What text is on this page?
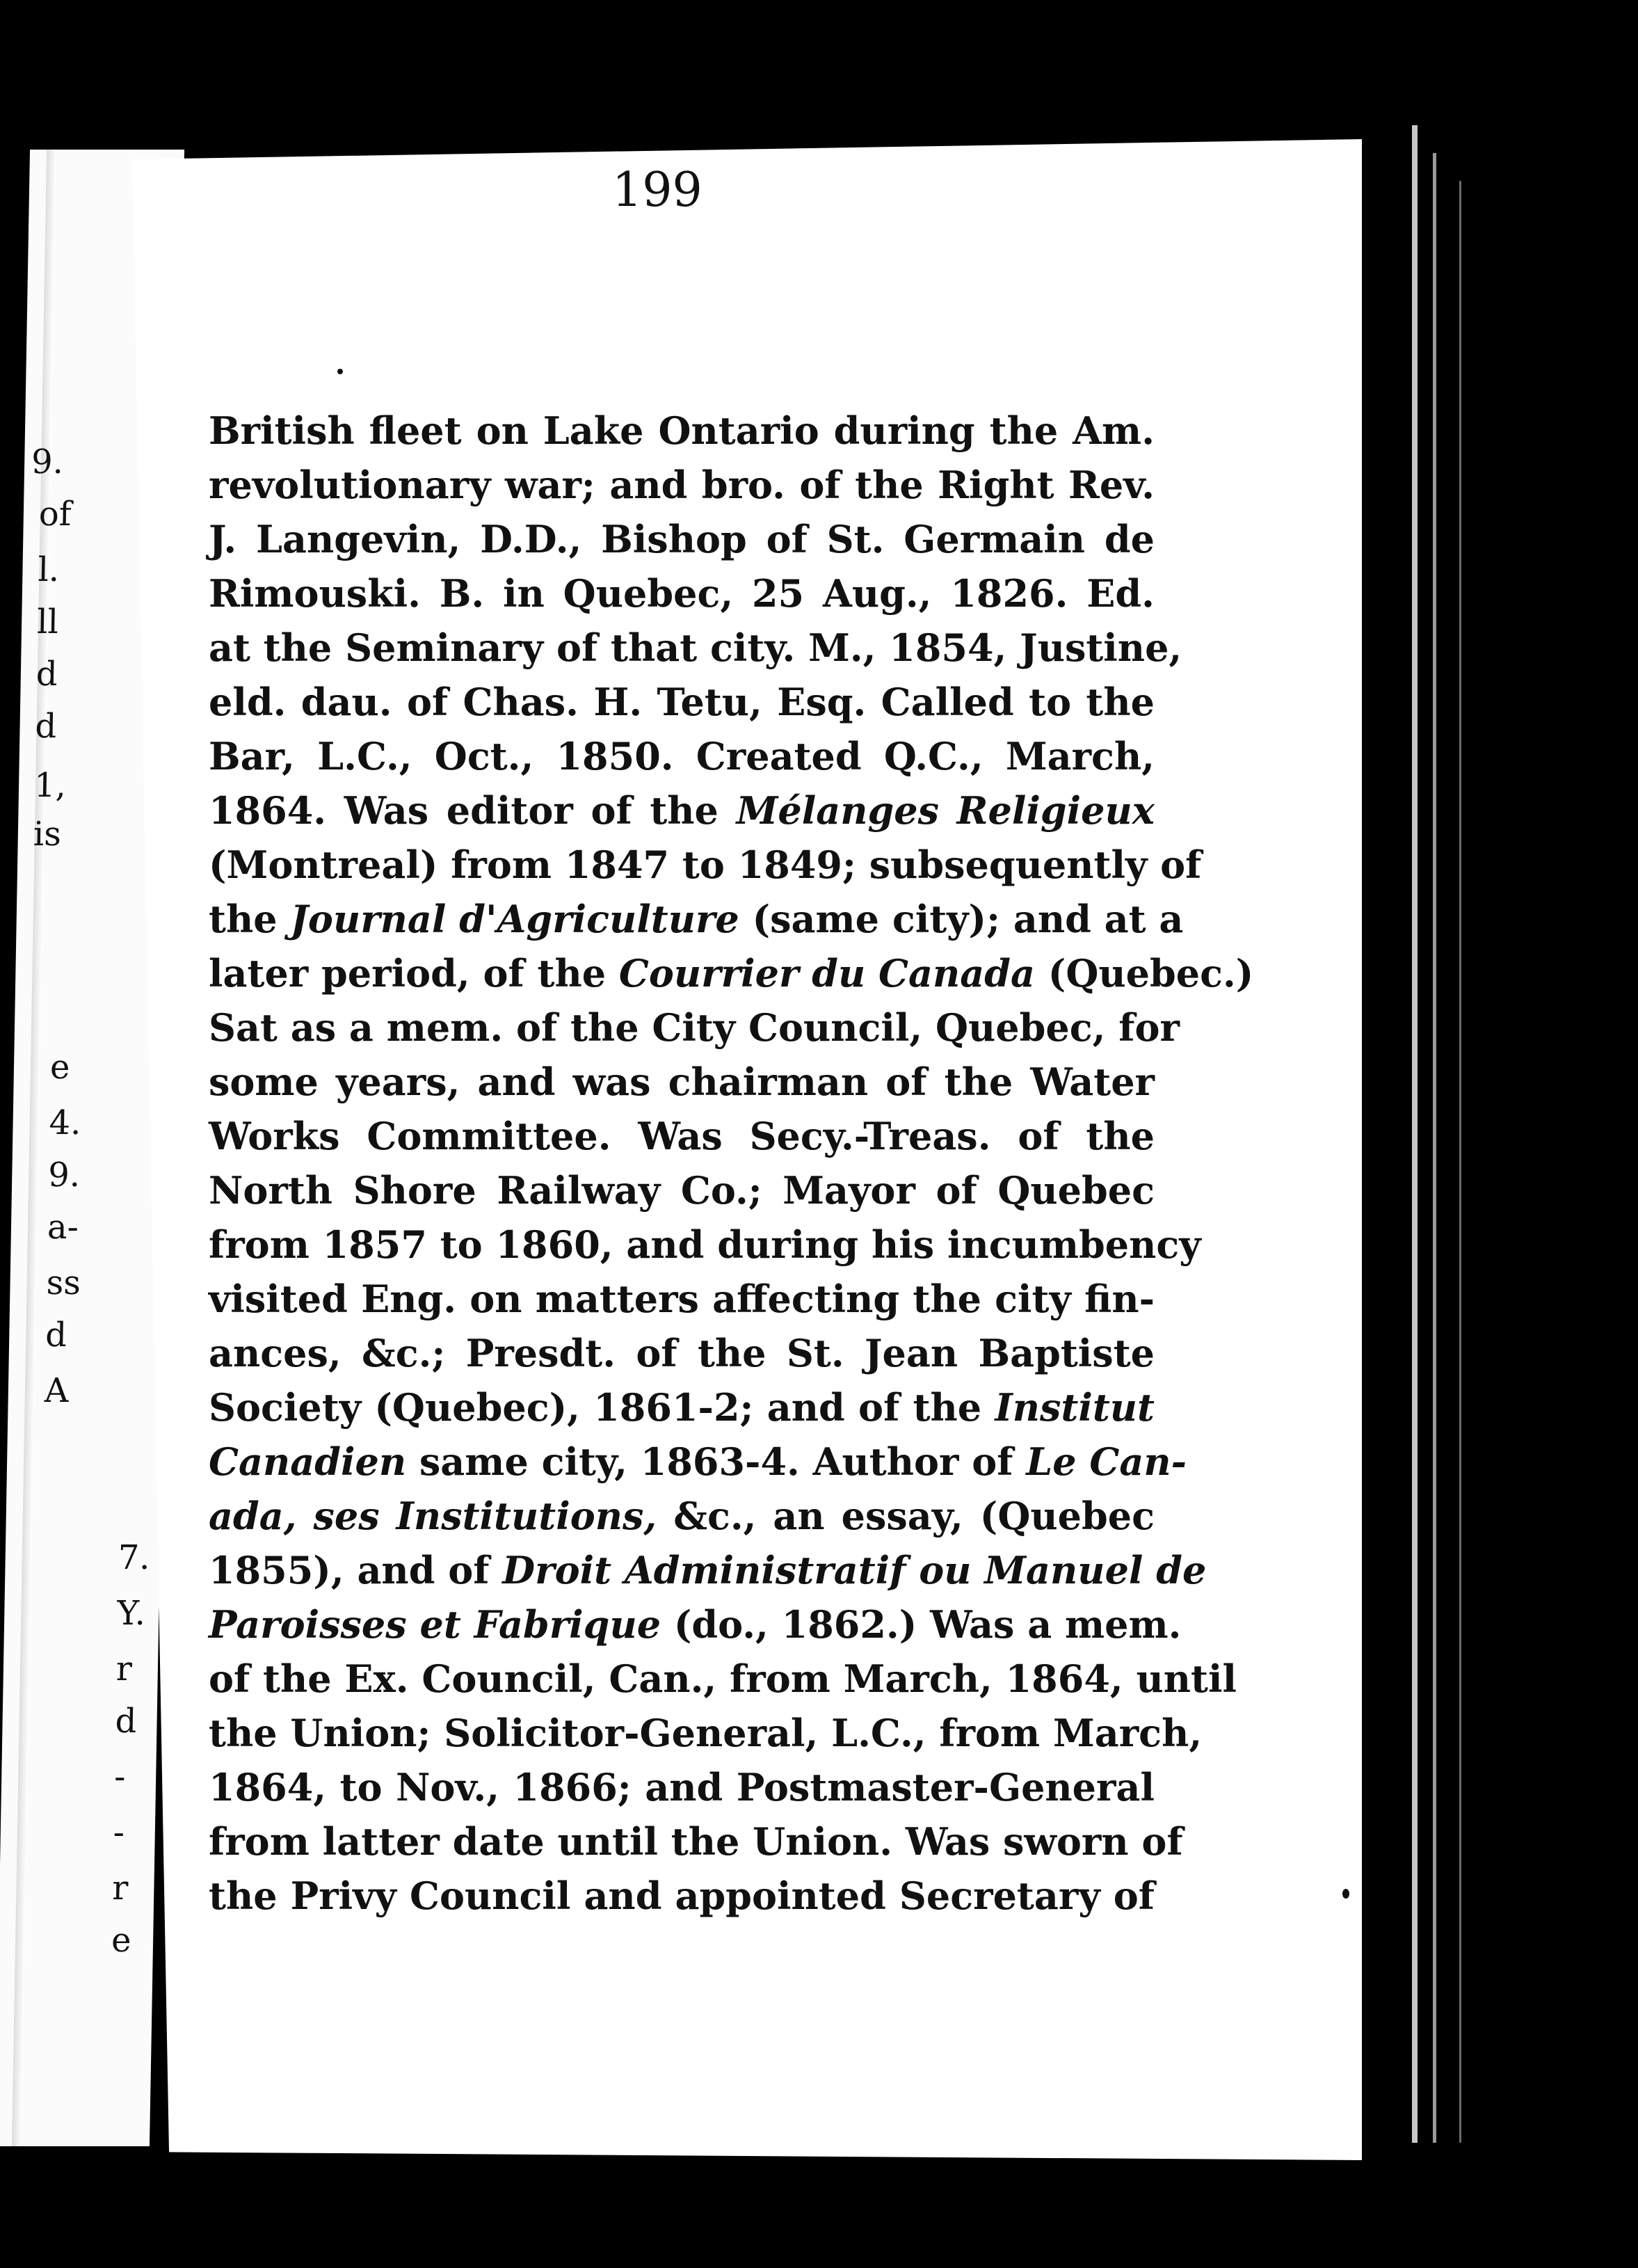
9.
of
l.
ll
d
d
1,
is
e
4.
9.
a-
ss
d
A
7.
Y.
r
d
-
-
r
e
199
British fleet on Lake Ontario during the Am.
revolutionary war; and bro. of the Right Rev.
J. Langevin, D.D., Bishop of St. Germain de
Rimouski. B. in Quebec, 25 Aug., 1826. Ed.
at the Seminary of that city. M., 1854, Justine,
eld. dau. of Chas. H. Tetu, Esq. Called to the
Bar, L.C., Oct., 1850. Created Q.C., March,
1864. Was editor of the Mélanges Religieux
(Montreal) from 1847 to 1849; subsequently of
the Journal d'Agriculture (same city); and at a
later period, of the Courrier du Canada (Quebec.)
Sat as a mem. of the City Council, Quebec, for
some years, and was chairman of the Water
Works Committee. Was Secy.-Treas. of the
North Shore Railway Co.; Mayor of Quebec
from 1857 to 1860, and during his incumbency
visited Eng. on matters affecting the city fin-
ances, &c.; Presdt. of the St. Jean Baptiste
Society (Quebec), 1861-2; and of the Institut
Canadien same city, 1863-4. Author of Le Can-
ada, ses Institutions, &c., an essay, (Quebec
1855), and of Droit Administratif ou Manuel de
Paroisses et Fabrique (do., 1862.) Was a mem.
of the Ex. Council, Can., from March, 1864, until
the Union; Solicitor-General, L.C., from March,
1864, to Nov., 1866; and Postmaster-General
from latter date until the Union. Was sworn of
the Privy Council and appointed Secretary of
